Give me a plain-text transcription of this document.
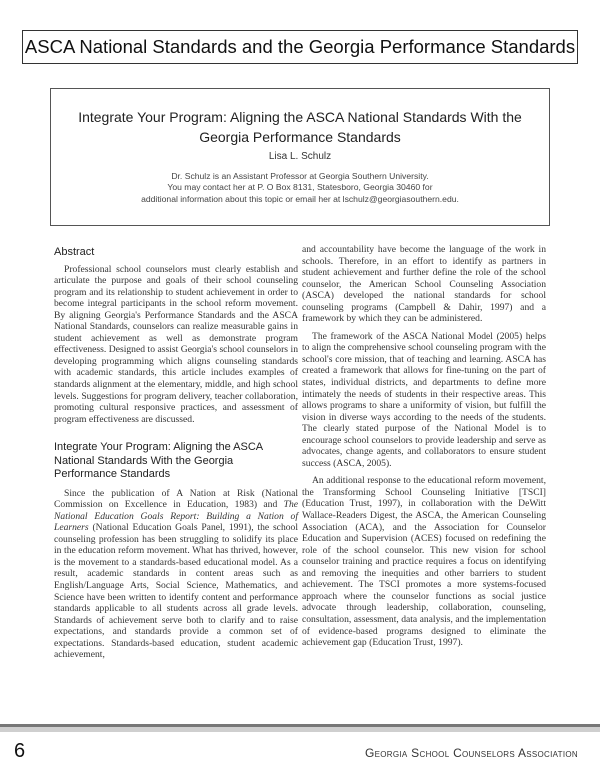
ASCA National Standards and the Georgia Performance Standards
Integrate Your Program: Aligning the ASCA National Standards With the Georgia Performance Standards
Lisa L. Schulz
Dr. Schulz is an Assistant Professor at Georgia Southern University.
You may contact her at P. O Box 8131, Statesboro, Georgia 30460 for
additional information about this topic or email her at lschulz@georgiasouthern.edu.
Abstract

Professional school counselors must clearly establish and articulate the purpose and goals of their school counseling program and its relationship to student achievement in order to become integral participants in the school reform movement. By aligning Georgia's Performance Standards and the ASCA National Standards, counselors can realize measurable gains in student achievement as well as demonstrate program effectiveness. Designed to assist Georgia's school counselors in developing programming which aligns counseling standards with academic standards, this article includes examples of standards alignment at the elementary, middle, and high school levels. Suggestions for program delivery, teacher collaboration, promoting cultural responsive practices, and assessment of program effectiveness are discussed.

Integrate Your Program: Aligning the ASCA National Standards With the Georgia Performance Standards

Since the publication of A Nation at Risk (National Commission on Excellence in Education, 1983) and The National Education Goals Report: Building a Nation of Learners (National Education Goals Panel, 1991), the school counseling profession has been struggling to solidify its place in the education reform movement. What has thrived, however, is the movement to a standards-based educational model. As a result, academic standards in content areas such as English/Language Arts, Social Science, Mathematics, and Science have been written to identify content and performance standards applicable to all students across all grade levels. Standards of achievement serve both to clarify and to raise expectations, and standards provide a common set of expectations. Standards-based education, student academic achievement,

and accountability have become the language of the work in schools. Therefore, in an effort to identify as partners in student achievement and further define the role of the school counselor, the American School Counseling Association (ASCA) developed the national standards for school counseling programs (Campbell & Dahir, 1997) and a framework by which they can be administered.

The framework of the ASCA National Model (2005) helps to align the comprehensive school counseling program with the school's core mission, that of teaching and learning. ASCA has created a framework that allows for fine-tuning on the part of states, individual districts, and departments to define more intimately the needs of students in their respective areas. This allows programs to share a uniformity of vision, but fulfill the vision in diverse ways according to the needs of the students. The clearly stated purpose of the National Model is to encourage school counselors to provide leadership and serve as advocates, change agents, and collaborators to ensure student success (ASCA, 2005).

An additional response to the educational reform movement, the Transforming School Counseling Initiative [TSCI] (Education Trust, 1997), in collaboration with the DeWitt Wallace-Readers Digest, the ASCA, the American Counseling Association (ACA), and the Association for Counselor Education and Supervision (ACES) focused on redefining the role of the school counselor. This new vision for school counselor training and practice requires a focus on identifying and removing the inequities and other barriers to student achievement. The TSCI promotes a more systems-focused approach where the counselor functions as social justice advocate through leadership, collaboration, counseling, consultation, assessment, data analysis, and the implementation of evidence-based programs designed to eliminate the achievement gap (Education Trust, 1997).

6	Georgia School Counselors Association
